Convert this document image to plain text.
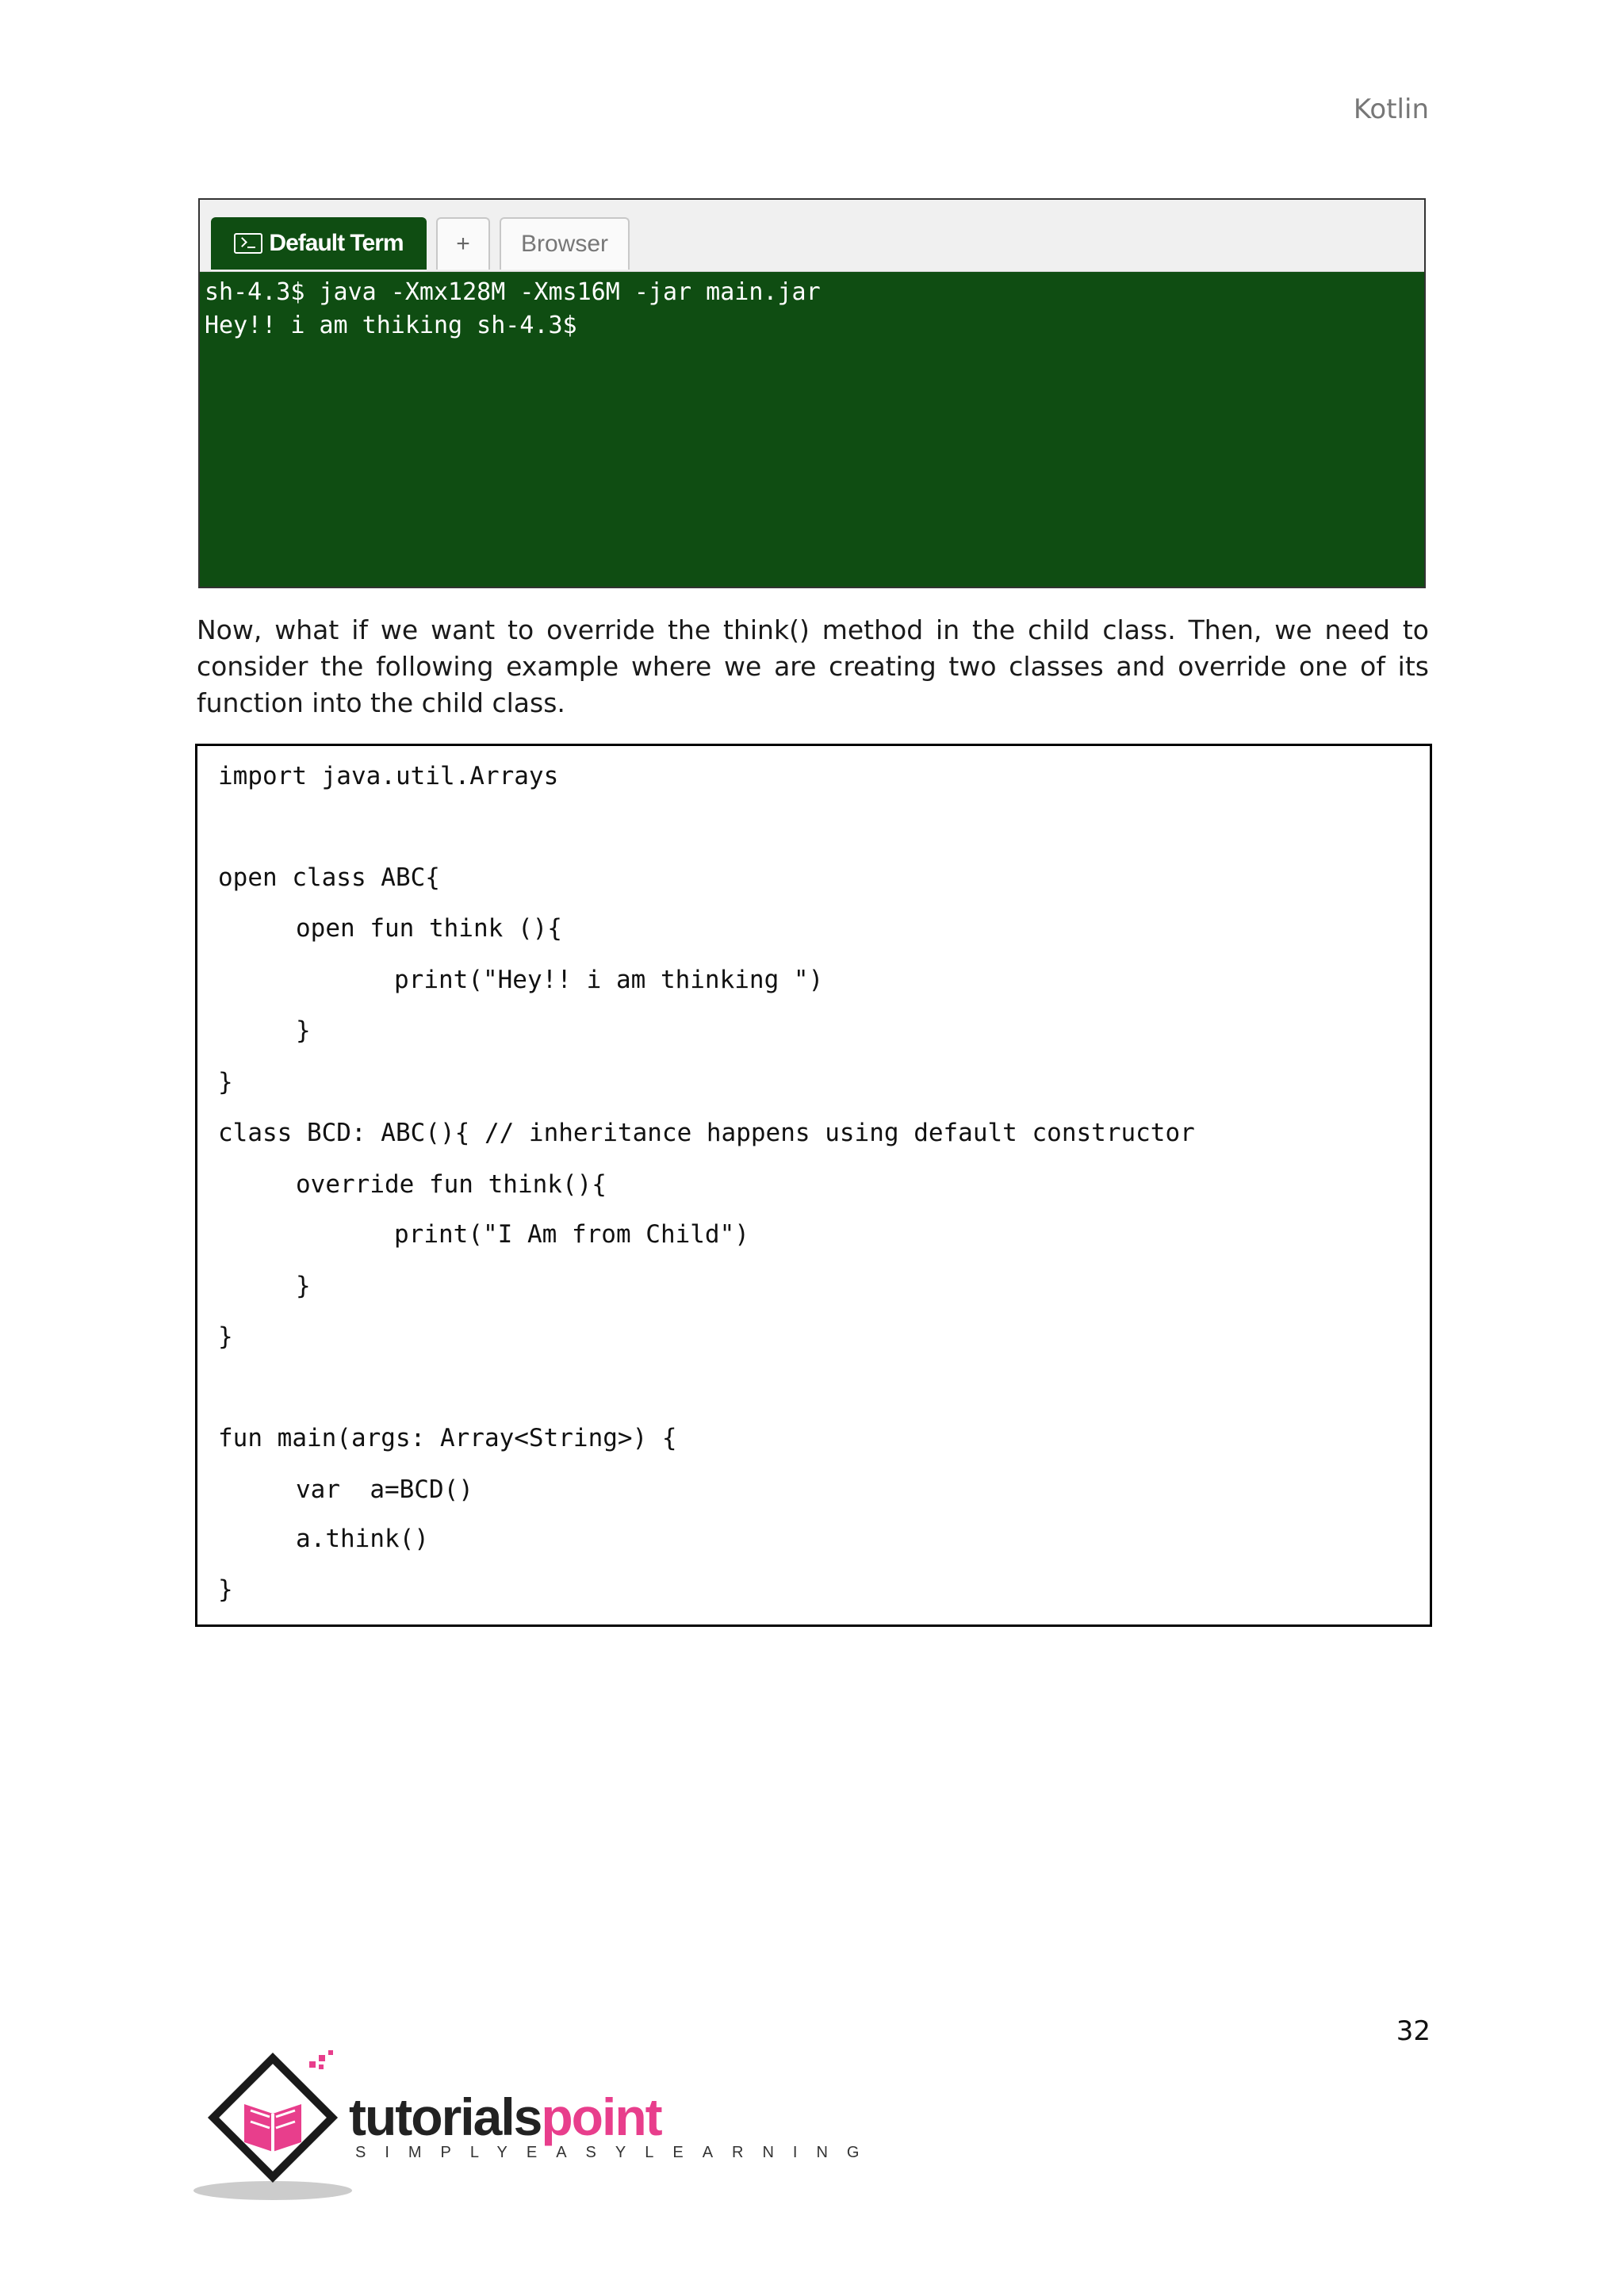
Kotlin
Default Term + Browser
sh-4.3$ java -Xmx128M -Xms16M -jar main.jar
Hey!! i am thiking sh-4.3$
Now, what if we want to override the think() method in the child class. Then, we need to consider the following example where we are creating two classes and override one of its function into the child class.
import java.util.Arrays
open class ABC{
open fun think (){
print("Hey!! i am thinking ")
}
}
class BCD: ABC(){ // inheritance happens using default constructor
override fun think(){
print("I Am from Child")
}
}
fun main(args: Array<String>) {
var  a=BCD()
a.think()
}
32
tutorialspoint
SIMPLYEASYLEARNING
